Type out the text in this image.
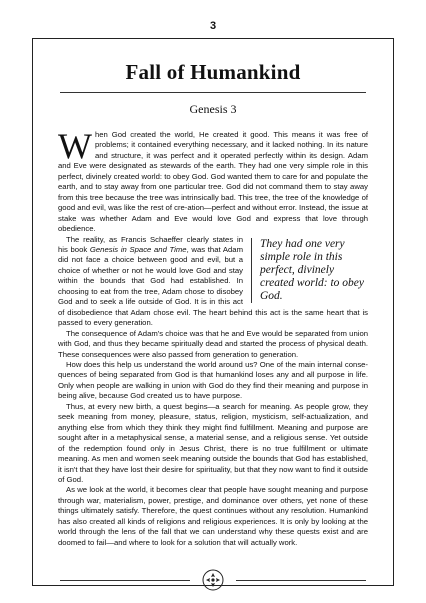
3
Fall of Humankind
Genesis 3

When God created the world, He created it good. This means it was free of problems; it contained everything necessary, and it lacked nothing. In its nature and structure, it was perfect and it operated perfectly within its design. Adam and Eve were designated as stewards of the earth. They had one very simple role in this perfect, divinely created world: to obey God. God wanted them to care for and populate the earth, and to stay away from one particular tree. God did not command them to stay away from this tree because the tree was intrinsically bad. This tree, the tree of the knowledge of good and evil, was like the rest of cre-ation—perfect and without error. Instead, the issue at stake was whether Adam and Eve would love God and express that love through obedience.

They had one very simple role in this perfect, divinely created world: to obey God.

The reality, as Francis Schaeffer clearly states in his book Genesis in Space and Time, was that Adam did not face a choice between good and evil, but a choice of whether or not he would love God and stay within the bounds that God had established. In choosing to eat from the tree, Adam chose to disobey God and to seek a life outside of God. It is in this act of disobedience that Adam chose evil. The heart behind this act is the same heart that is passed to every generation.

The consequence of Adam's choice was that he and Eve would be separated from union with God, and thus they became spiritually dead and started the process of physical death. These consequences were also passed from generation to generation.

How does this help us understand the world around us? One of the main internal conse-quences of being separated from God is that humankind loses any and all purpose in life. Only when people are walking in union with God do they find their meaning and purpose in being alive, because God created us to have purpose.

Thus, at every new birth, a quest begins—a search for meaning. As people grow, they seek meaning from money, pleasure, status, religion, mysticism, self-actualization, and anything else from which they think they might find fulfillment. Meaning and purpose are sought after in a metaphysical sense, a material sense, and a religious sense. Yet outside of the redemption found only in Jesus Christ, there is no true fulfillment or ultimate meaning. As men and women seek meaning outside the bounds that God has established, it isn't that they have lost their desire for spirituality, but that they now want to find it outside of God.

As we look at the world, it becomes clear that people have sought meaning and purpose through war, materialism, power, prestige, and dominance over others, yet none of these things ultimately satisfy. Therefore, the quest continues without any resolution. Humankind has also created all kinds of religions and religious experiences. It is only by looking at the world through the lens of the fall that we can understand why these quests exist and are doomed to fail—and where to look for a solution that will actually work.
